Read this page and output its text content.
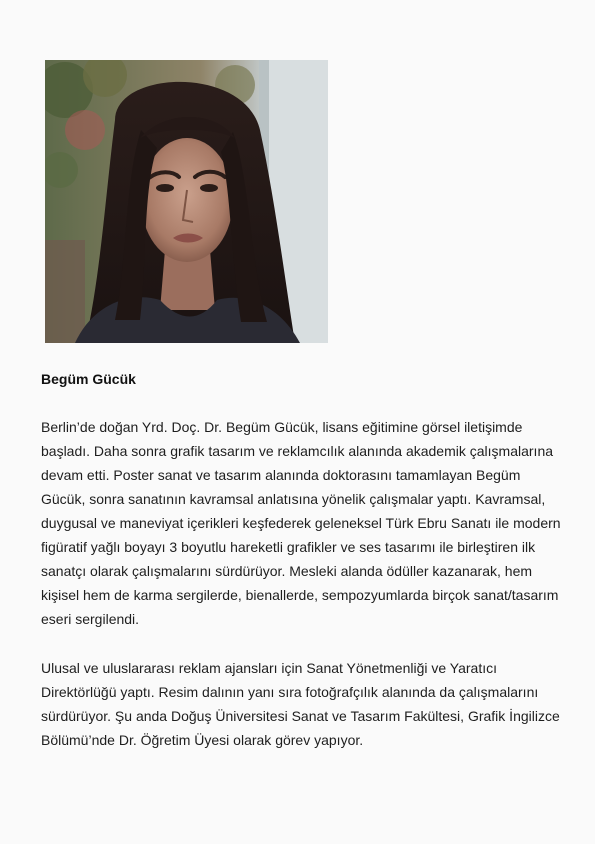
Begüm Gücük

Berlin’de doğan Yrd. Doç. Dr. Begüm Gücük, lisans eğitimine görsel iletişimde başladı. Daha sonra grafik tasarım ve reklamcılık alanında akademik çalışmalarına devam etti. Poster sanat ve tasarım alanında doktorasını tamamlayan Begüm Gücük, sonra sanatının kavramsal anlatısına yönelik çalışmalar yaptı. Kavramsal, duygusal ve maneviyat içerikleri keşfederek geleneksel Türk Ebru Sanatı ile modern figüratif yağlı boyayı 3 boyutlu hareketli grafikler ve ses tasarımı ile birleştiren ilk sanatçı olarak çalışmalarını sürdürüyor. Mesleki alanda ödüller kazanarak, hem kişisel hem de karma sergilerde, bienallerde, sempozyumlarda birçok sanat/tasarım eseri sergilendi.

Ulusal ve uluslararası reklam ajansları için Sanat Yönetmenliği ve Yaratıcı Direktörlüğü yaptı. Resim dalının yanı sıra fotoğrafçılık alanında da çalışmalarını sürdürüyor. Şu anda Doğuş Üniversitesi Sanat ve Tasarım Fakültesi, Grafik İngilizce Bölümü’nde Dr. Öğretim Üyesi olarak görev yapıyor.
